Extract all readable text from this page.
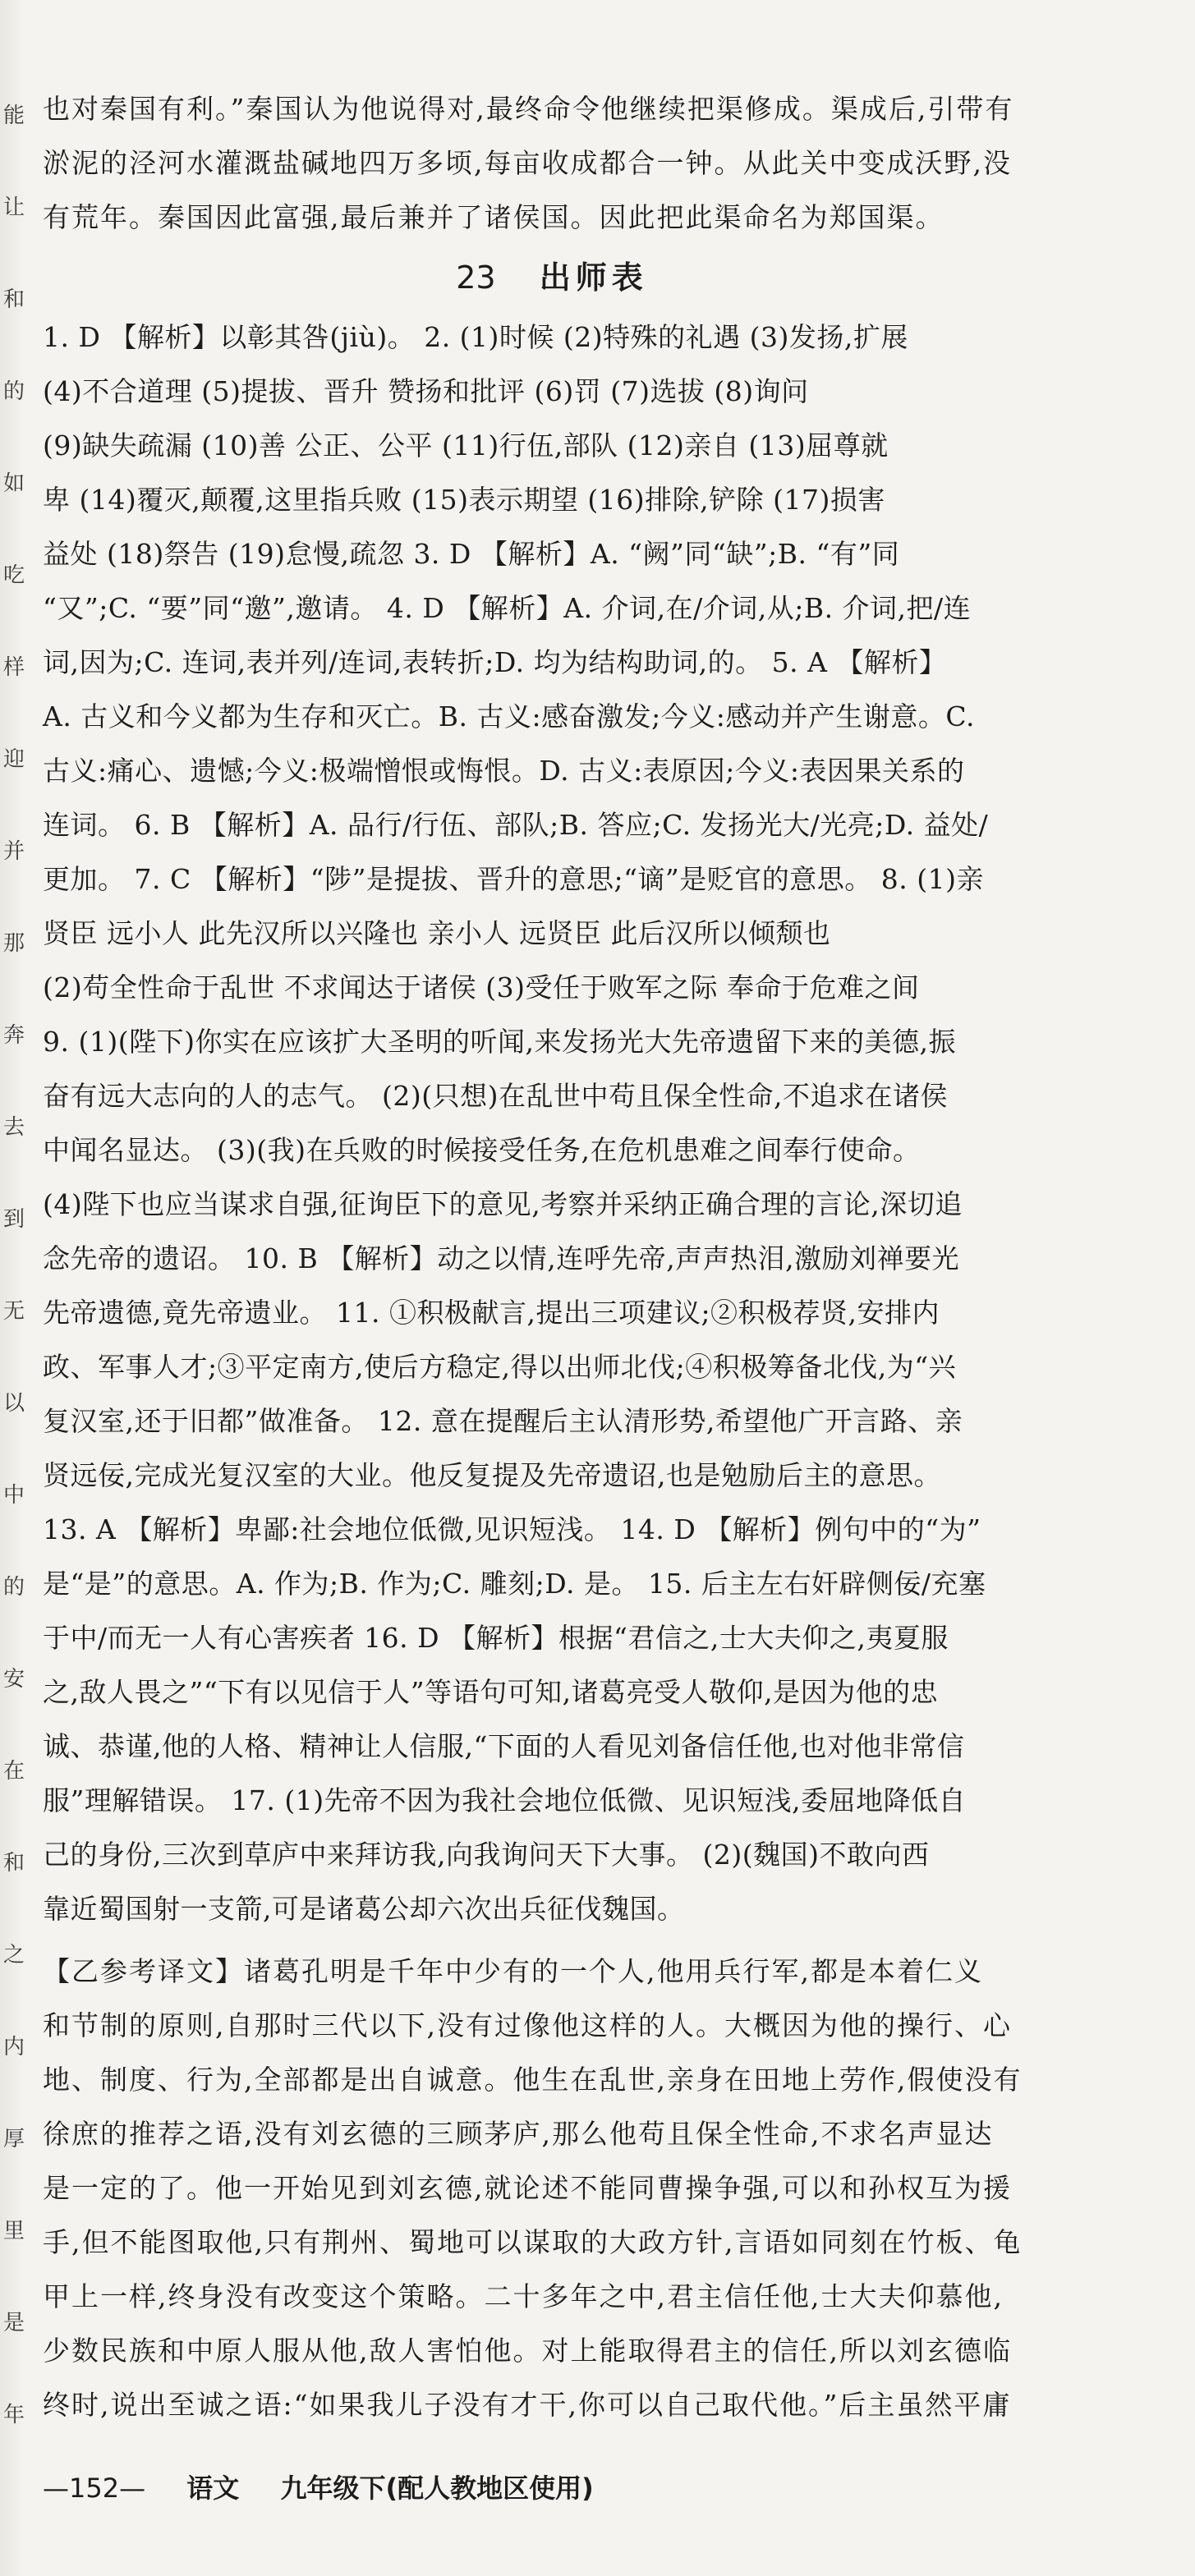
能
让
和
的
如
吃
样
迎
并
那
奔
去
到
无
以
中
的
安
在
和
之
内
厚
里
是
年
也对秦国有利。”秦国认为他说得对,最终命令他继续把渠修成。渠成后,引带有
淤泥的泾河水灌溉盐碱地四万多顷,每亩收成都合一钟。从此关中变成沃野,没
有荒年。秦国因此富强,最后兼并了诸侯国。因此把此渠命名为郑国渠。
23 出师表
1. D 【解析】以彰其咎(jiù)。 2. (1)时候 (2)特殊的礼遇 (3)发扬,扩展
(4)不合道理 (5)提拔、晋升 赞扬和批评 (6)罚 (7)选拔 (8)询问
(9)缺失疏漏 (10)善 公正、公平 (11)行伍,部队 (12)亲自 (13)屈尊就
卑 (14)覆灭,颠覆,这里指兵败 (15)表示期望 (16)排除,铲除 (17)损害
益处 (18)祭告 (19)怠慢,疏忽 3. D 【解析】A. “阙”同“缺”;B. “有”同
“又”;C. “要”同“邀”,邀请。 4. D 【解析】A. 介词,在/介词,从;B. 介词,把/连
词,因为;C. 连词,表并列/连词,表转折;D. 均为结构助词,的。 5. A 【解析】
A. 古义和今义都为生存和灭亡。B. 古义:感奋激发;今义:感动并产生谢意。C.
古义:痛心、遗憾;今义:极端憎恨或悔恨。D. 古义:表原因;今义:表因果关系的
连词。 6. B 【解析】A. 品行/行伍、部队;B. 答应;C. 发扬光大/光亮;D. 益处/
更加。 7. C 【解析】“陟”是提拔、晋升的意思;“谪”是贬官的意思。 8. (1)亲
贤臣 远小人 此先汉所以兴隆也 亲小人 远贤臣 此后汉所以倾颓也
(2)苟全性命于乱世 不求闻达于诸侯 (3)受任于败军之际 奉命于危难之间
9. (1)(陛下)你实在应该扩大圣明的听闻,来发扬光大先帝遗留下来的美德,振
奋有远大志向的人的志气。 (2)(只想)在乱世中苟且保全性命,不追求在诸侯
中闻名显达。 (3)(我)在兵败的时候接受任务,在危机患难之间奉行使命。
(4)陛下也应当谋求自强,征询臣下的意见,考察并采纳正确合理的言论,深切追
念先帝的遗诏。 10. B 【解析】动之以情,连呼先帝,声声热泪,激励刘禅要光
先帝遗德,竟先帝遗业。 11. ①积极献言,提出三项建议;②积极荐贤,安排内
政、军事人才;③平定南方,使后方稳定,得以出师北伐;④积极筹备北伐,为“兴
复汉室,还于旧都”做准备。 12. 意在提醒后主认清形势,希望他广开言路、亲
贤远佞,完成光复汉室的大业。他反复提及先帝遗诏,也是勉励后主的意思。
13. A 【解析】卑鄙:社会地位低微,见识短浅。 14. D 【解析】例句中的“为”
是“是”的意思。A. 作为;B. 作为;C. 雕刻;D. 是。 15. 后主左右奸辟侧佞/充塞
于中/而无一人有心害疾者 16. D 【解析】根据“君信之,士大夫仰之,夷夏服
之,敌人畏之”“下有以见信于人”等语句可知,诸葛亮受人敬仰,是因为他的忠
诚、恭谨,他的人格、精神让人信服,“下面的人看见刘备信任他,也对他非常信
服”理解错误。 17. (1)先帝不因为我社会地位低微、见识短浅,委屈地降低自
己的身份,三次到草庐中来拜访我,向我询问天下大事。 (2)(魏国)不敢向西
靠近蜀国射一支箭,可是诸葛公却六次出兵征伐魏国。
【乙参考译文】诸葛孔明是千年中少有的一个人,他用兵行军,都是本着仁义
和节制的原则,自那时三代以下,没有过像他这样的人。大概因为他的操行、心
地、制度、行为,全部都是出自诚意。他生在乱世,亲身在田地上劳作,假使没有
徐庶的推荐之语,没有刘玄德的三顾茅庐,那么他苟且保全性命,不求名声显达
是一定的了。他一开始见到刘玄德,就论述不能同曹操争强,可以和孙权互为援
手,但不能图取他,只有荆州、蜀地可以谋取的大政方针,言语如同刻在竹板、龟
甲上一样,终身没有改变这个策略。二十多年之中,君主信任他,士大夫仰慕他,
少数民族和中原人服从他,敌人害怕他。对上能取得君主的信任,所以刘玄德临
终时,说出至诚之语:“如果我儿子没有才干,你可以自己取代他。”后主虽然平庸
—152— 语文 九年级下(配人教地区使用)
